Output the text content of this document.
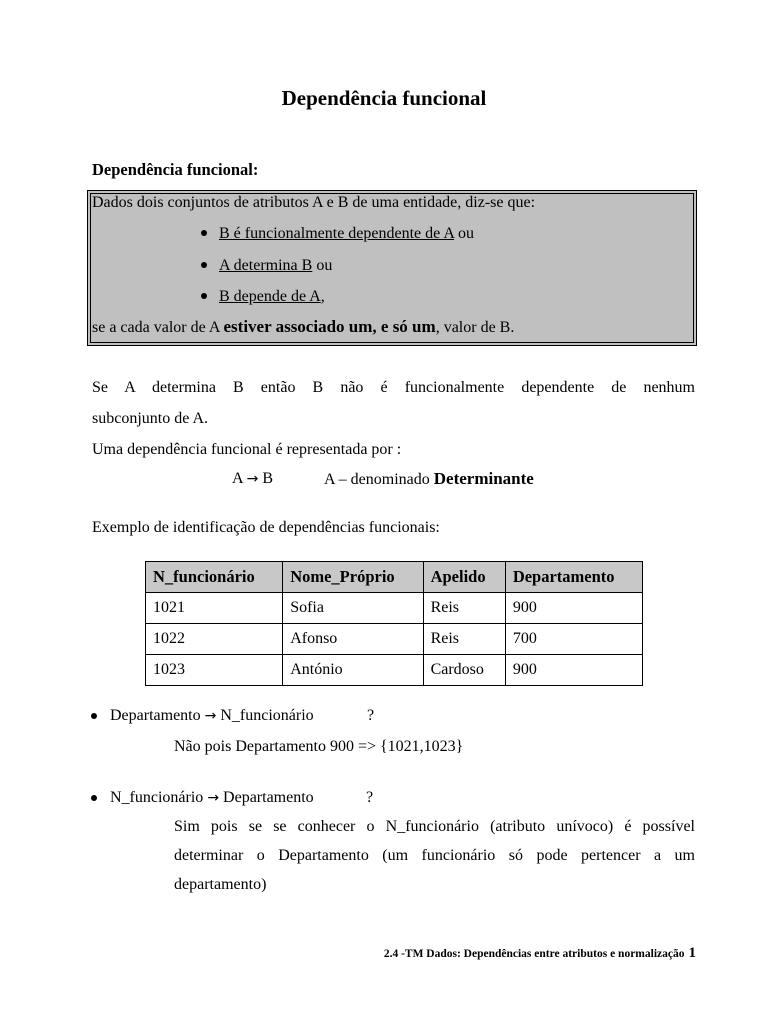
Dependência funcional
Dependência funcional:
Dados dois conjuntos de atributos A e B de uma entidade, diz-se que:
B é funcionalmente dependente de A ou
A determina B ou
B depende de A,
se a cada valor de A estiver associado um, e só um, valor de B.
Se A determina B então B não é funcionalmente dependente de nenhum
subconjunto de A.
Uma dependência funcional é representada por :
A → B	A – denominado Determinante
Exemplo de identificação de dependências funcionais:
N_funcionário	Nome_Próprio	Apelido	Departamento
1021	Sofia	Reis	900
1022	Afonso	Reis	700
1023	António	Cardoso	900
Departamento → N_funcionário	?
Não pois Departamento 900 => {1021,1023}
N_funcionário → Departamento	?
Sim pois se se conhecer o N_funcionário (atributo unívoco) é possível
determinar o Departamento (um funcionário só pode pertencer a um
departamento)
2.4 -TM Dados: Dependências entre atributos e normalização 1
